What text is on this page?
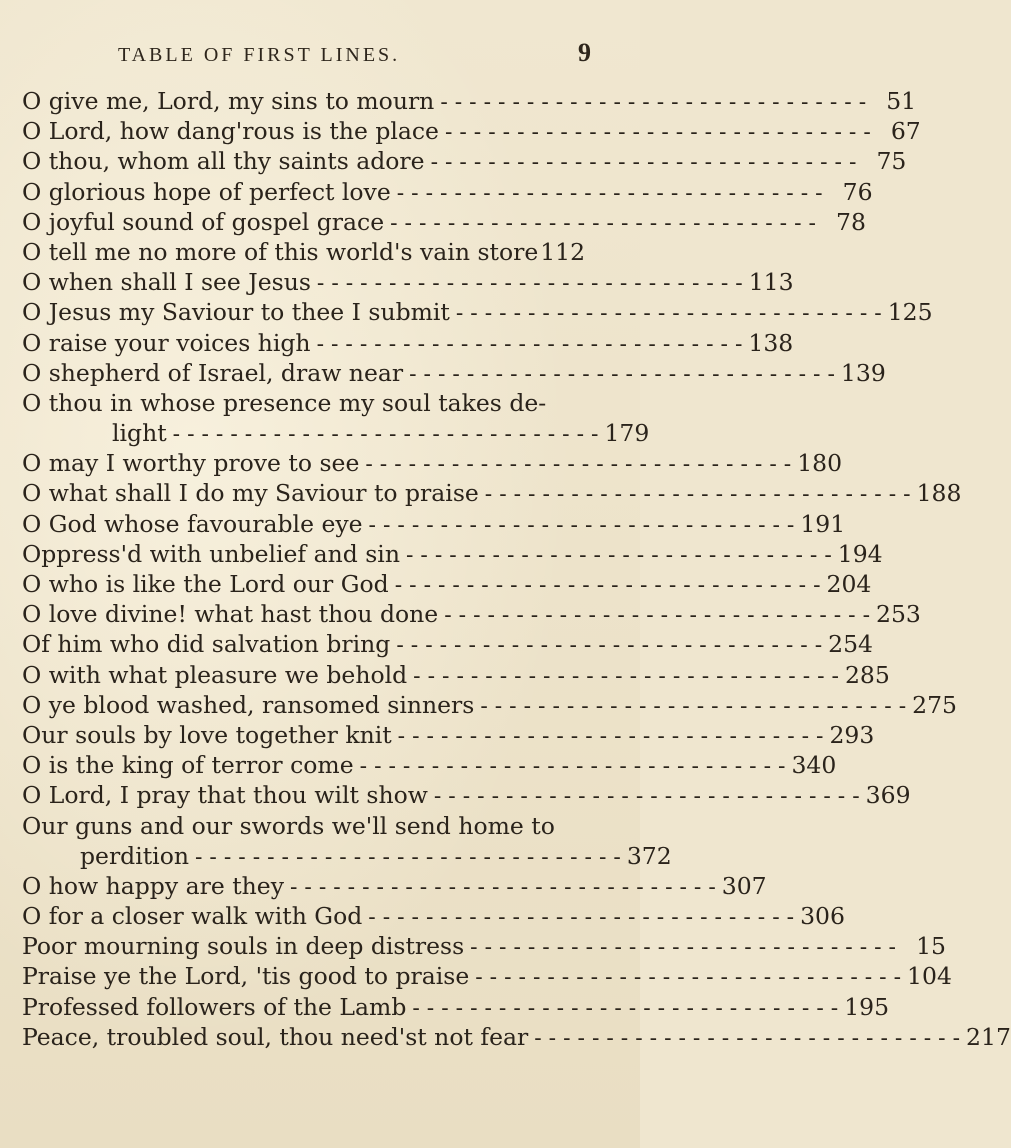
TABLE OF FIRST LINES.	9
O give me, Lord, my sins to mourn - - -	51
O Lord, how dang'rous is the place - - -	67
O thou, whom all thy saints adore - - -	75
O glorious hope of perfect love - - -	76
O joyful sound of gospel grace - - -	78
O tell me no more of this world's vain store 112
O when shall I see Jesus - - -	113
O Jesus my Saviour to thee I submit - - -	125
O raise your voices high - - -	138
O shepherd of Israel, draw near - - -	139
O thou in whose presence my soul takes de-
light - - -	179
O may I worthy prove to see - - -	180
O what shall I do my Saviour to praise - - -	188
O God whose favourable eye - - -	191
Oppress'd with unbelief and sin - - -	194
O who is like the Lord our God - - -	204
O love divine! what hast thou done - - -	253
Of him who did salvation bring - - -	254
O with what pleasure we behold - - -	285
O ye blood washed, ransomed sinners - - -	275
Our souls by love together knit - - -	293
O is the king of terror come - - -	340
O Lord, I pray that thou wilt show - - -	369
Our guns and our swords we'll send home to
perdition - - -	372
O how happy are they - - -	307
O for a closer walk with God - - -	306
Poor mourning souls in deep distress - - -	15
Praise ye the Lord, 'tis good to praise - - -	104
Professed followers of the Lamb - - -	195
Peace, troubled soul, thou need'st not fear - - -	217
